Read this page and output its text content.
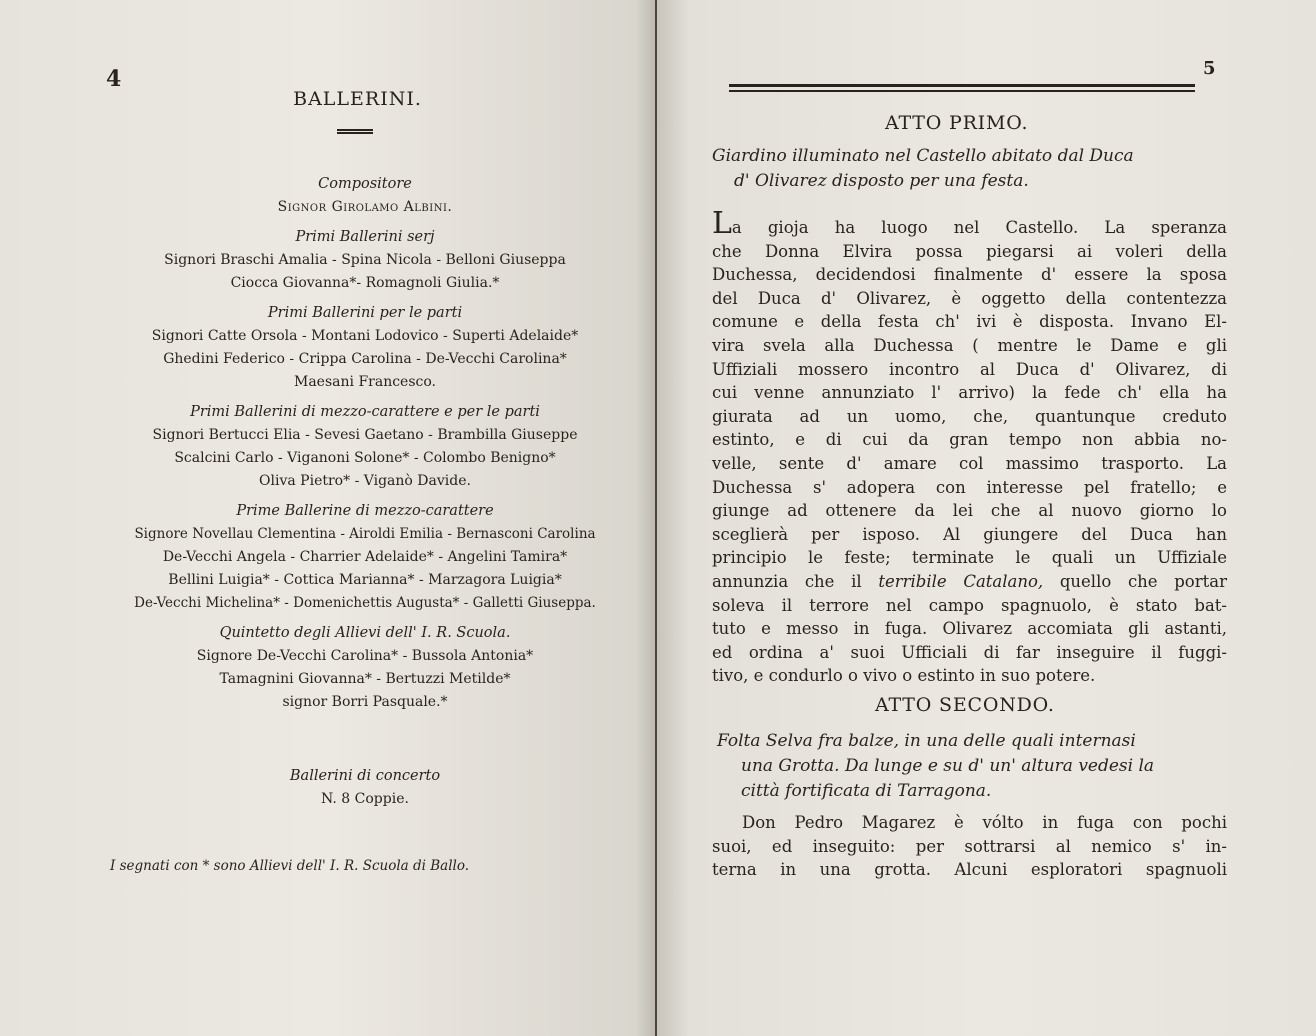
4
BALLERINI.
Compositore
Signor Girolamo Albini.
Primi Ballerini serj
Signori Braschi Amalia - Spina Nicola - Belloni Giuseppa
Ciocca Giovanna*- Romagnoli Giulia.*
Primi Ballerini per le parti
Signori Catte Orsola - Montani Lodovico - Superti Adelaide*
Ghedini Federico - Crippa Carolina - De-Vecchi Carolina*
Maesani Francesco.
Primi Ballerini di mezzo-carattere e per le parti
Signori Bertucci Elia - Sevesi Gaetano - Brambilla Giuseppe
Scalcini Carlo - Viganoni Solone* - Colombo Benigno*
Oliva Pietro* - Viganò Davide.
Prime Ballerine di mezzo-carattere
Signore Novellau Clementina - Airoldi Emilia - Bernasconi Carolina
De-Vecchi Angela - Charrier Adelaide* - Angelini Tamira*
Bellini Luigia* - Cottica Marianna* - Marzagora Luigia*
De-Vecchi Michelina* - Domenichettis Augusta* - Galletti Giuseppa.
Quintetto degli Allievi dell' I. R. Scuola.
Signore De-Vecchi Carolina* - Bussola Antonia*
Tamagnini Giovanna* - Bertuzzi Metilde*
signor Borri Pasquale.*
Ballerini di concerto
N. 8 Coppie.
I segnati con * sono Allievi dell' I. R. Scuola di Ballo.
5
ATTO PRIMO.
Giardino illuminato nel Castello abitato dal Duca
d' Olivarez disposto per una festa.
La gioja ha luogo nel Castello. La speranza
che Donna Elvira possa piegarsi ai voleri della
Duchessa, decidendosi finalmente d' essere la sposa
del Duca d' Olivarez, è oggetto della contentezza
comune e della festa ch' ivi è disposta. Invano El-
vira svela alla Duchessa ( mentre le Dame e gli
Uffiziali mossero incontro al Duca d' Olivarez, di
cui venne annunziato l' arrivo) la fede ch' ella ha
giurata ad un uomo, che, quantunque creduto
estinto, e di cui da gran tempo non abbia no-
velle, sente d' amare col massimo trasporto. La
Duchessa s' adopera con interesse pel fratello; e
giunge ad ottenere da lei che al nuovo giorno lo
sceglierà per isposo. Al giungere del Duca han
principio le feste; terminate le quali un Uffiziale
annunzia che il terribile Catalano, quello che portar
soleva il terrore nel campo spagnuolo, è stato bat-
tuto e messo in fuga. Olivarez accomiata gli astanti,
ed ordina a' suoi Ufficiali di far inseguire il fuggi-
tivo, e condurlo o vivo o estinto in suo potere.
ATTO SECONDO.
Folta Selva fra balze, in una delle quali internasi
una Grotta. Da lunge e su d' un' altura vedesi la
città fortificata di Tarragona.
Don Pedro Magarez è vólto in fuga con pochi
suoi, ed inseguito: per sottrarsi al nemico s' in-
terna in una grotta. Alcuni esploratori spagnuoli
